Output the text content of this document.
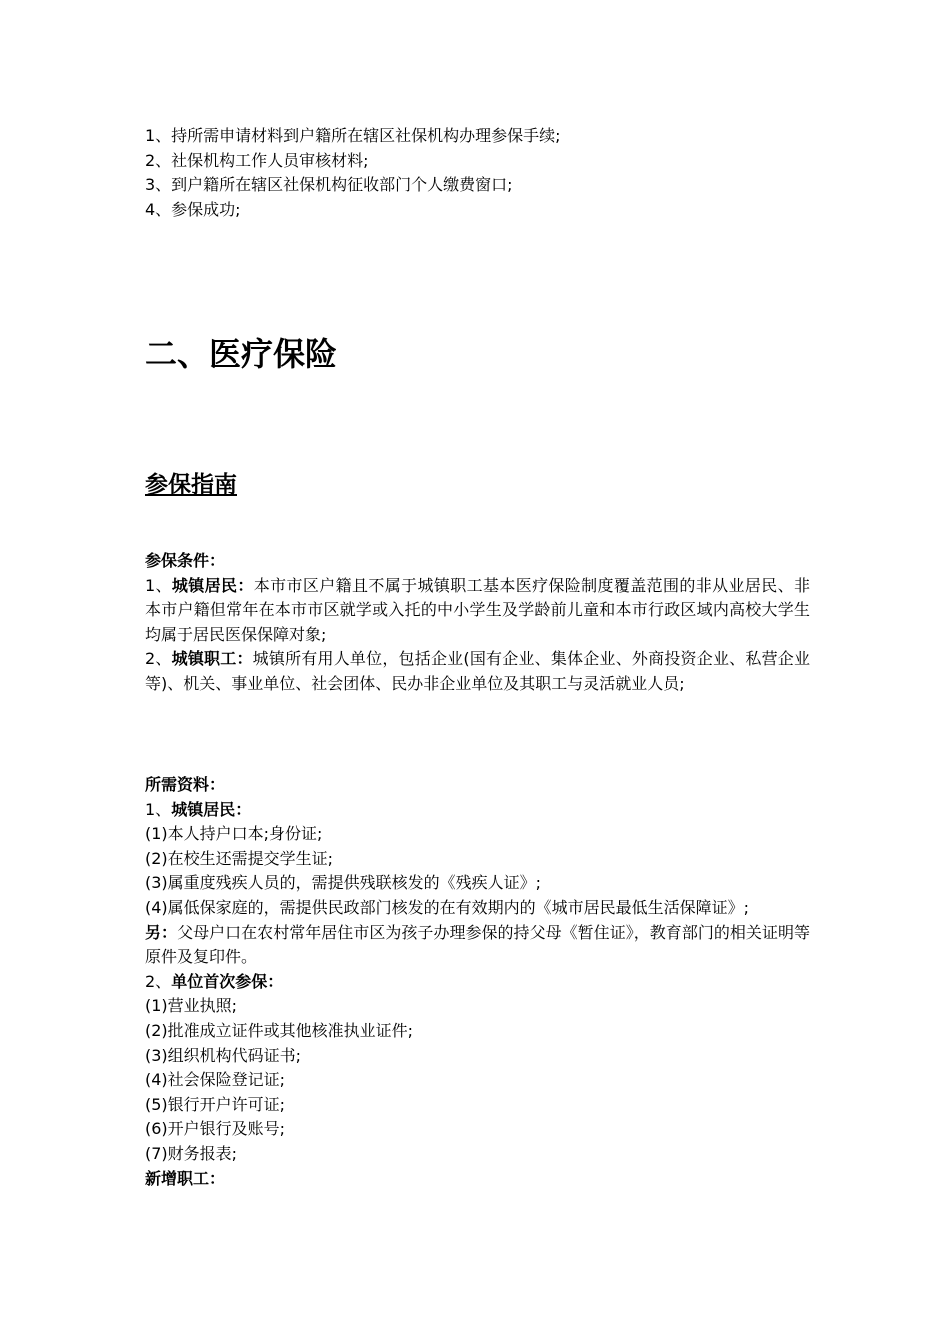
1、持所需申请材料到户籍所在辖区社保机构办理参保手续;
2、社保机构工作人员审核材料;
3、到户籍所在辖区社保机构征收部门个人缴费窗口;
4、参保成功;
二、医疗保险
参保指南
参保条件：
1、城镇居民：本市市区户籍且不属于城镇职工基本医疗保险制度覆盖范围的非从业居民、非本市户籍但常年在本市市区就学或入托的中小学生及学龄前儿童和本市行政区域内高校大学生均属于居民医保保障对象;
2、城镇职工：城镇所有用人单位，包括企业(国有企业、集体企业、外商投资企业、私营企业等)、机关、事业单位、社会团体、民办非企业单位及其职工与灵活就业人员;
所需资料：
1、城镇居民：
(1)本人持户口本;身份证;
(2)在校生还需提交学生证;
(3)属重度残疾人员的，需提供残联核发的《残疾人证》;
(4)属低保家庭的，需提供民政部门核发的在有效期内的《城市居民最低生活保障证》;
另：父母户口在农村常年居住市区为孩子办理参保的持父母《暂住证》，教育部门的相关证明等原件及复印件。
2、单位首次参保：
(1)营业执照;
(2)批准成立证件或其他核准执业证件;
(3)组织机构代码证书;
(4)社会保险登记证;
(5)银行开户许可证;
(6)开户银行及账号;
(7)财务报表;
新增职工：
